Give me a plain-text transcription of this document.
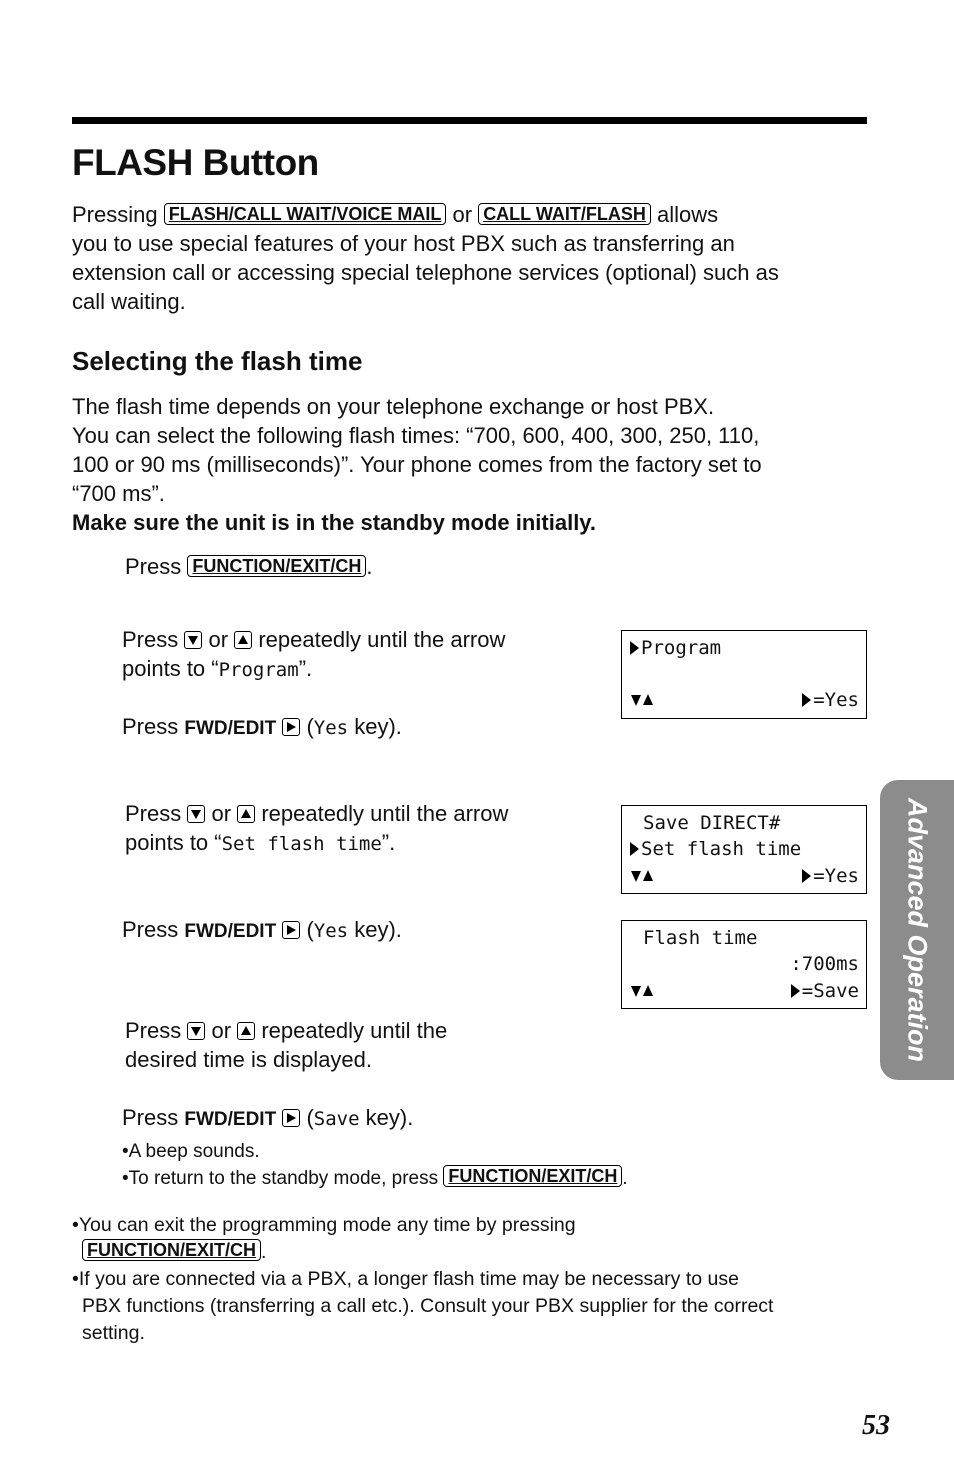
FLASH Button
Pressing FLASH/CALL WAIT/VOICE MAIL or CALL WAIT/FLASH allows
you to use special features of your host PBX such as transferring an
extension call or accessing special telephone services (optional) such as
call waiting.
Selecting the flash time
The flash time depends on your telephone exchange or host PBX.
You can select the following flash times: “700, 600, 400, 300, 250, 110,
100 or 90 ms (milliseconds)”. Your phone comes from the factory set to
“700 ms”.
Make sure the unit is in the standby mode initially.
Press FUNCTION/EXIT/CH .
Press or repeatedly until the arrow
points to “Program”.
Press FWD/EDIT (Yes key).
Press or repeatedly until the arrow
points to “Set flash time”.
Press FWD/EDIT (Yes key).
Press or repeatedly until the
desired time is displayed.
Press FWD/EDIT (Save key).
•A beep sounds.
•To return to the standby mode, press FUNCTION/EXIT/CH .
Program
=Yes
Save DIRECT#
Set flash time
=Yes
Flash time
:700ms
=Save
•You can exit the programming mode any time by pressing
FUNCTION/EXIT/CH .
•If you are connected via a PBX, a longer flash time may be necessary to use
PBX functions (transferring a call etc.). Consult your PBX supplier for the correct
setting.
Advanced Operation
53
